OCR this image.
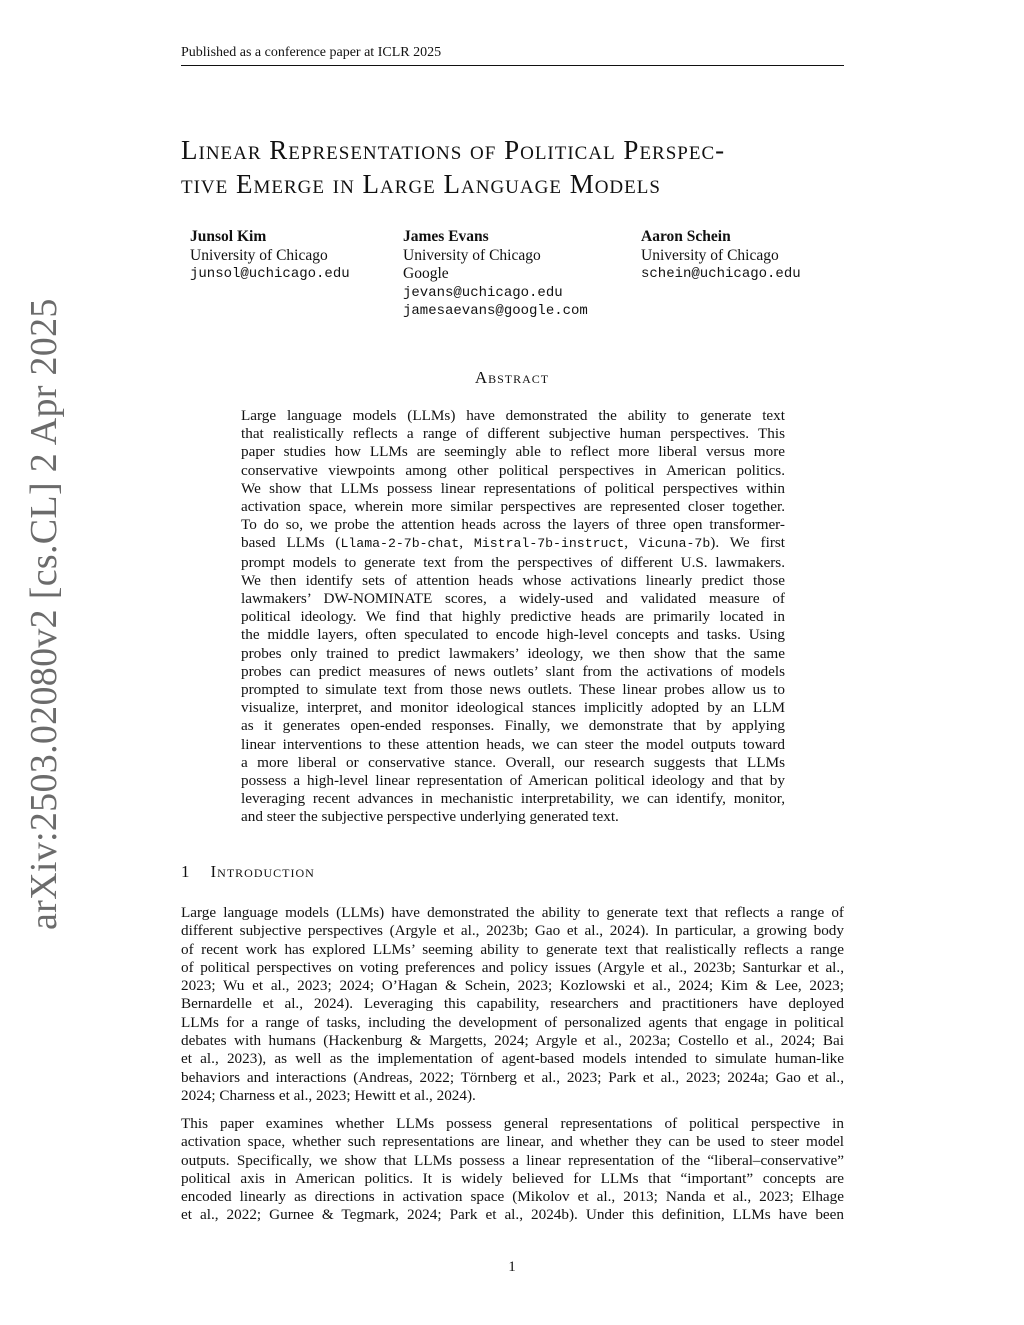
Published as a conference paper at ICLR 2025
Linear Representations of Political Perspec-
tive Emerge in Large Language Models
Junsol Kim
University of Chicago
junsol@uchicago.edu
James Evans
University of Chicago
Google
jevans@uchicago.edu
jamesaevans@google.com
Aaron Schein
University of Chicago
schein@uchicago.edu
Abstract
Large language models (LLMs) have demonstrated the ability to generate text
that realistically reflects a range of different subjective human perspectives. This
paper studies how LLMs are seemingly able to reflect more liberal versus more
conservative viewpoints among other political perspectives in American politics.
We show that LLMs possess linear representations of political perspectives within
activation space, wherein more similar perspectives are represented closer together.
To do so, we probe the attention heads across the layers of three open transformer-
based LLMs (Llama-2-7b-chat, Mistral-7b-instruct, Vicuna-7b). We first
prompt models to generate text from the perspectives of different U.S. lawmakers.
We then identify sets of attention heads whose activations linearly predict those
lawmakers’ DW-NOMINATE scores, a widely-used and validated measure of
political ideology. We find that highly predictive heads are primarily located in
the middle layers, often speculated to encode high-level concepts and tasks. Using
probes only trained to predict lawmakers’ ideology, we then show that the same
probes can predict measures of news outlets’ slant from the activations of models
prompted to simulate text from those news outlets. These linear probes allow us to
visualize, interpret, and monitor ideological stances implicitly adopted by an LLM
as it generates open-ended responses. Finally, we demonstrate that by applying
linear interventions to these attention heads, we can steer the model outputs toward
a more liberal or conservative stance. Overall, our research suggests that LLMs
possess a high-level linear representation of American political ideology and that by
leveraging recent advances in mechanistic interpretability, we can identify, monitor,
and steer the subjective perspective underlying generated text.
1 Introduction
Large language models (LLMs) have demonstrated the ability to generate text that reflects a range of
different subjective perspectives (Argyle et al., 2023b; Gao et al., 2024). In particular, a growing body
of recent work has explored LLMs’ seeming ability to generate text that realistically reflects a range
of political perspectives on voting preferences and policy issues (Argyle et al., 2023b; Santurkar et al.,
2023; Wu et al., 2023; 2024; O’Hagan & Schein, 2023; Kozlowski et al., 2024; Kim & Lee, 2023;
Bernardelle et al., 2024). Leveraging this capability, researchers and practitioners have deployed
LLMs for a range of tasks, including the development of personalized agents that engage in political
debates with humans (Hackenburg & Margetts, 2024; Argyle et al., 2023a; Costello et al., 2024; Bai
et al., 2023), as well as the implementation of agent-based models intended to simulate human-like
behaviors and interactions (Andreas, 2022; Törnberg et al., 2023; Park et al., 2023; 2024a; Gao et al.,
2024; Charness et al., 2023; Hewitt et al., 2024).
This paper examines whether LLMs possess general representations of political perspective in
activation space, whether such representations are linear, and whether they can be used to steer model
outputs. Specifically, we show that LLMs possess a linear representation of the “liberal–conservative”
political axis in American politics. It is widely believed for LLMs that “important” concepts are
encoded linearly as directions in activation space (Mikolov et al., 2013; Nanda et al., 2023; Elhage
et al., 2022; Gurnee & Tegmark, 2024; Park et al., 2024b). Under this definition, LLMs have been
arXiv:2503.02080v2 [cs.CL] 2 Apr 2025
1
